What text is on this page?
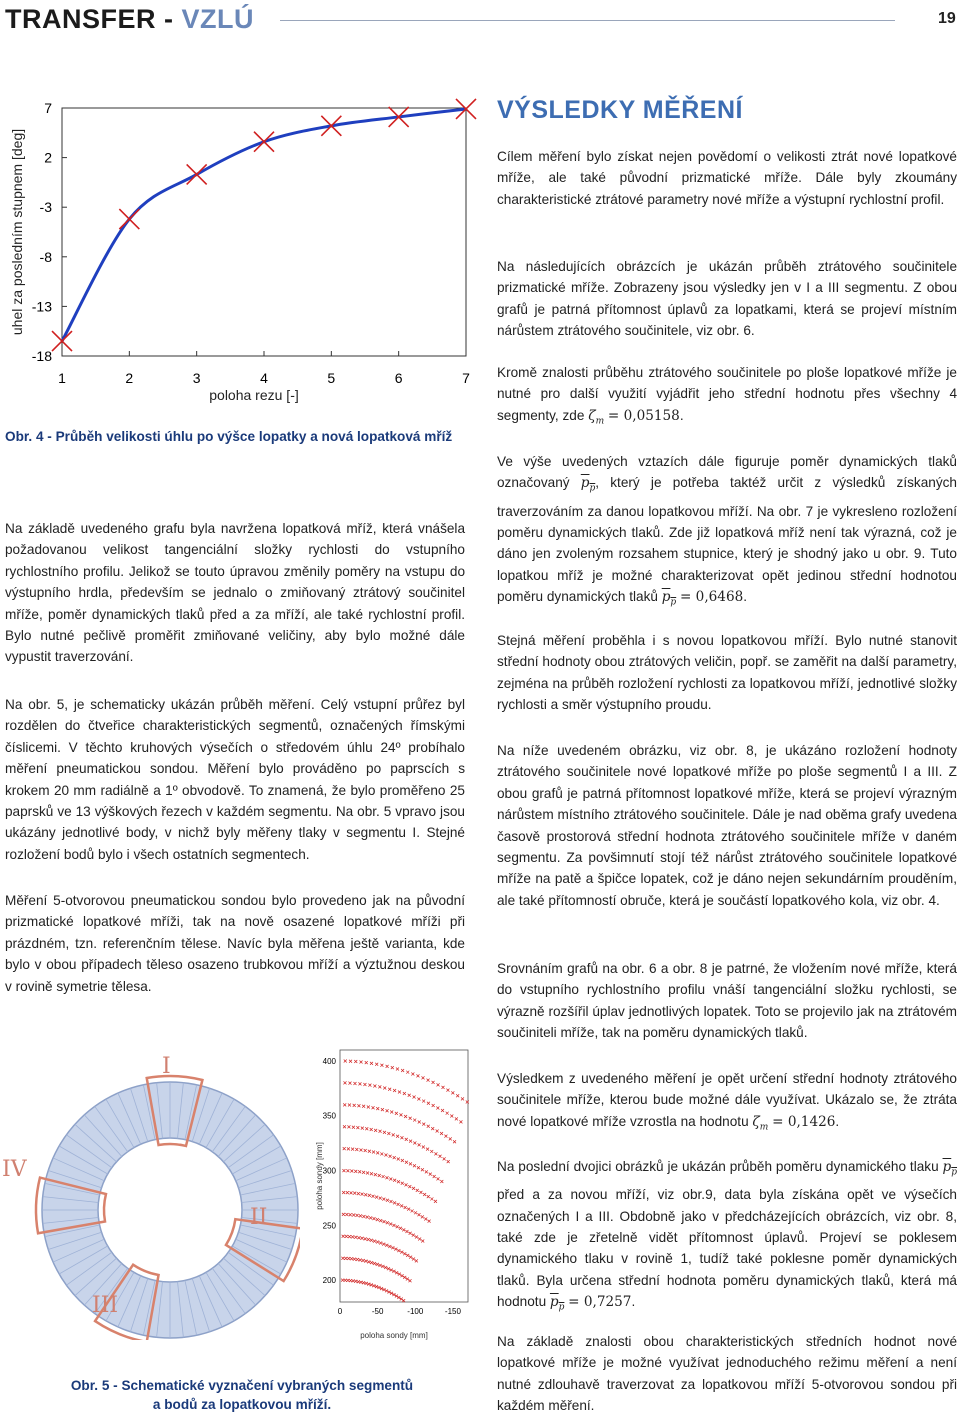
TRANSFER - VZLÚ	19
uhel za posledním stupnem [deg]
poloha rezu [-]
1	2	3	4	5	6	7
7
2
-3
-8
-13
-18
Obr. 4 - Průběh velikosti úhlu po výšce lopatky a nová lopatková mříž

Na základě uvedeného grafu byla navržena lopatková mříž, která vnášela požadovanou velikost tangenciální složky rychlosti do vstupního rychlostního profilu. Jelikož se touto úpravou změnily poměry na vstupu do výstupního hrdla, především se jednalo o zmiňovaný ztrátový součinitel mříže, poměr dynamických tlaků před a za mříží, ale také rychlostní profil. Bylo nutné pečlivě proměřit zmiňované veličiny, aby bylo možné dále vypustit traverzování.

Na obr. 5, je schematicky ukázán průběh měření. Celý vstupní průřez byl rozdělen do čtveřice charakteristických segmentů, označených římskými číslicemi. V těchto kruhových výsečích o středovém úhlu 24º probíhalo měření pneumatickou sondou. Měření bylo prováděno po paprscích s krokem 20 mm radiálně a 1º obvodově. To znamená, že bylo proměřeno 25 paprsků ve 13 výškových řezech v každém segmentu. Na obr. 5 vpravo jsou ukázány jednotlivé body, v nichž byly měřeny tlaky v segmentu I. Stejné rozložení bodů bylo i všech ostatních segmentech.

Měření 5-otvorovou pneumatickou sondou bylo provedeno jak na původní prizmatické lopatkové mříži, tak na nově osazené lopatkové mříži při prázdném, tzn. referenčním tělese. Navíc byla měřena ještě varianta, kde bylo v obou případech těleso osazeno trubkovou mříží a výztužnou deskou v rovině symetrie tělesa.

I
II
III
IV	poloha sondy [mm]
poloha sondy [mm]
400
350
300
250
200
0	-50	-100	-150
Obr. 5 - Schematické vyznačení vybraných segmentů
a bodů za lopatkovou mříží.
VÝSLEDKY MĚŘENÍ

Cílem měření bylo získat nejen povědomí o velikosti ztrát nové lopatkové mříže, ale také původní prizmatické mříže. Dále byly zkoumány charakteristické ztrátové parametry nové mříže a výstupní rychlostní profil.

Na následujících obrázcích je ukázán průběh ztrátového součinitele prizmatické mříže. Zobrazeny jsou výsledky jen v I a III segmentu. Z obou grafů je patrná přítomnost úplavů za lopatkami, která se projeví místním nárůstem ztrátového součinitele, viz obr. 6.

Kromě znalosti průběhu ztrátového součinitele po ploše lopatkové mříže je nutné pro další využití vyjádřit jeho střední hodnotu přes všechny 4 segmenty, zde $\zeta_m = 0,05158$.

Ve výše uvedených vztazích dále figuruje poměr dynamických tlaků označovaný $p_p$, který je potřeba taktéž určit z výsledků získaných traverzováním za danou lopatkovou mříží. Na obr. 7 je vykresleno rozložení poměru dynamických tlaků. Zde již lopatková mříž není tak výrazná, což je dáno jen zvoleným rozsahem stupnice, který je shodný jako u obr. 9. Tuto lopatkou mříž je možné charakterizovat opět jedinou střední hodnotou poměru dynamických tlaků $p_p = 0,6468$.

Stejná měření proběhla i s novou lopatkovou mříží. Bylo nutné stanovit střední hodnoty obou ztrátových veličin, popř. se zaměřit na další parametry, zejména na průběh rozložení rychlosti za lopatkovou mříží, jednotlivé složky rychlosti a směr výstupního proudu.

Na níže uvedeném obrázku, viz obr. 8, je ukázáno rozložení hodnoty ztrátového součinitele nové lopatkové mříže po ploše segmentů I a III. Z obou grafů je patrná přítomnost lopatkové mříže, která se projeví výrazným nárůstem místního ztrátového součinitele. Dále je nad oběma grafy uvedena časově prostorová střední hodnota ztrátového součinitele mříže v daném segmentu. Za povšimnutí stojí též nárůst ztrátového součinitele lopatkové mříže na patě a špičce lopatek, což je dáno nejen sekundárním prouděním, ale také přítomností obruče, která je součástí lopatkového kola, viz obr. 4.

Srovnáním grafů na obr. 6 a obr. 8 je patrné, že vložením nové mříže, která do vstupního rychlostního profilu vnáší tangenciální složku rychlosti, se výrazně rozšířil úplav jednotlivých lopatek. Toto se projevilo jak na ztrátovém součiniteli mříže, tak na poměru dynamických tlaků.

Výsledkem z uvedeného měření je opět určení střední hodnoty ztrátového součinitele mříže, kterou bude možné dále využívat. Ukázalo se, že ztráta nové lopatkové mříže vzrostla na hodnotu $\zeta_m = 0,1426$.

Na poslední dvojici obrázků je ukázán průběh poměru dynamického tlaku $p_p$ před a za novou mříží, viz obr.9, data byla získána opět ve výsečích označených I a III. Obdobně jako v předcházejících obrázcích, viz obr. 8, také zde je zřetelně vidět přítomnost úplavů. Projeví se poklesem dynamického tlaku v rovině 1, tudíž také poklesne poměr dynamických tlaků. Byla určena střední hodnota poměru dynamických tlaků, která má hodnotu $p_p = 0,7257$.

Na základě znalosti obou charakteristických středních hodnot nové lopatkové mříže je možné využívat jednoduchého režimu měření a není nutné zdlouhavě traverzovat za lopatkovou mříží 5-otvorovou sondou při každém měření.
